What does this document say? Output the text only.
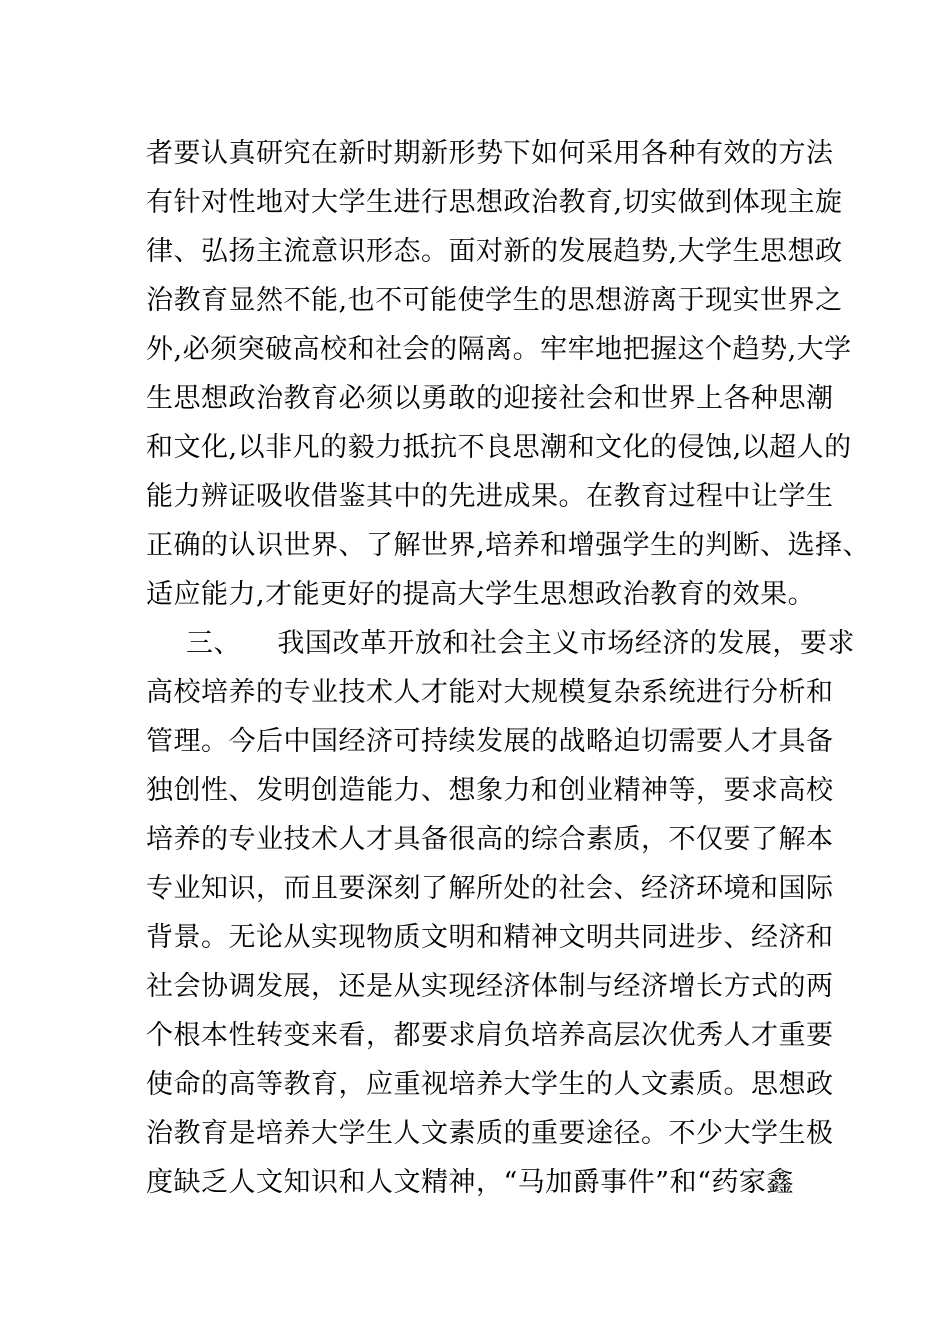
者要认真研究在新时期新形势下如何采用各种有效的方法
有针对性地对大学生进行思想政治教育,切实做到体现主旋
律、弘扬主流意识形态。面对新的发展趋势,大学生思想政
治教育显然不能,也不可能使学生的思想游离于现实世界之
外,必须突破高校和社会的隔离。牢牢地把握这个趋势,大学
生思想政治教育必须以勇敢的迎接社会和世界上各种思潮
和文化,以非凡的毅力抵抗不良思潮和文化的侵蚀,以超人的
能力辨证吸收借鉴其中的先进成果。在教育过程中让学生
正确的认识世界、了解世界,培养和增强学生的判断、选择、
适应能力,才能更好的提高大学生思想政治教育的效果。
三、    我国改革开放和社会主义市场经济的发展，要求
高校培养的专业技术人才能对大规模复杂系统进行分析和
管理。今后中国经济可持续发展的战略迫切需要人才具备
独创性、发明创造能力、想象力和创业精神等，要求高校
培养的专业技术人才具备很高的综合素质，不仅要了解本
专业知识，而且要深刻了解所处的社会、经济环境和国际
背景。无论从实现物质文明和精神文明共同进步、经济和
社会协调发展，还是从实现经济体制与经济增长方式的两
个根本性转变来看，都要求肩负培养高层次优秀人才重要
使命的高等教育，应重视培养大学生的人文素质。思想政
治教育是培养大学生人文素质的重要途径。不少大学生极
度缺乏人文知识和人文精神，“马加爵事件”和“药家鑫
